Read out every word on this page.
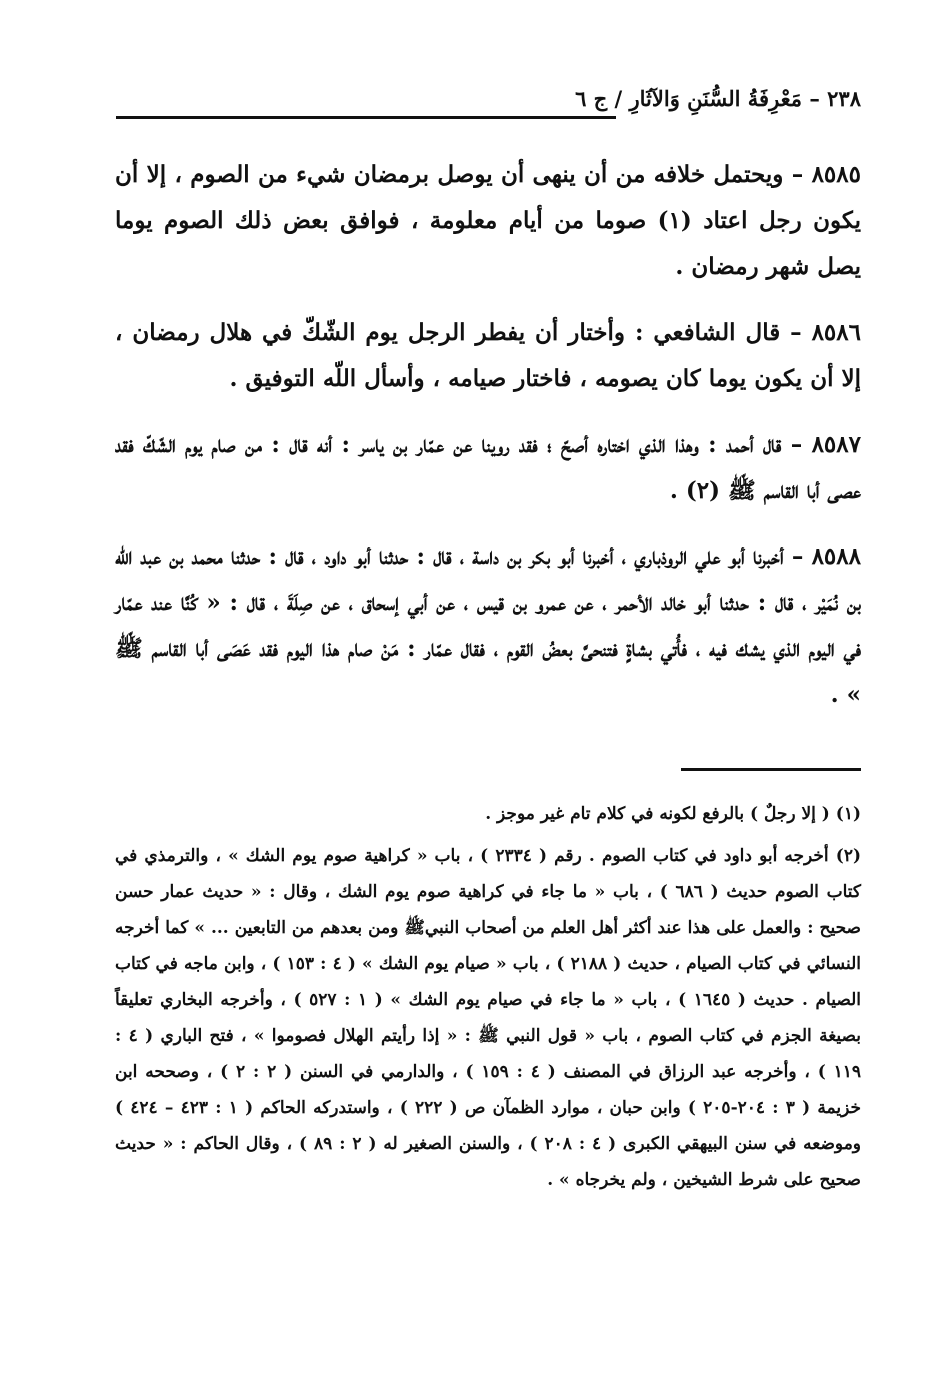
٢٣٨ – مَعْرِفَةُ السُّنَنِ وَالآثَارِ / ج ٦

٨٥٨٥ – ويحتمل خلافه من أن ينهى أن يوصل برمضان شيء من الصوم ، إلا أن يكون رجل اعتاد (١) صوما من أيام معلومة ، فوافق بعض ذلك الصوم يوما يصل شهر رمضان .

٨٥٨٦ – قال الشافعي : وأختار أن يفطر الرجل يوم الشّكّ في هلال رمضان ، إلا أن يكون يوما كان يصومه ، فاختار صيامه ، وأسأل اللّه التوفيق .

٨٥٨٧ – قال أحمد : وهذا الذي اختاره أصحّ ؛ فقد روينا عن عمّار بن ياسر : أنه قال : من صام يوم الشّكّ فقد عصى أبا القاسم ﷺ (٢) .

٨٥٨٨ – أخبرنا أبو علي الروذباري ، أخبرنا أبو بكر بن داسة ، قال : حدثنا أبو داود ، قال : حدثنا محمد بن عبد الله بن نُمَيْر ، قال : حدثنا أبو خالد الأحمر ، عن عمرو بن قيس ، عن أبي إسحاق ، عن صِلَةَ ، قال : « كُنَّا عند عمّار في اليوم الذي يشك فيه ، فأُتي بشاةٍ فتنحىَّ بعضُ القوم ، فقال عمّار : مَنْ صام هذا اليوم فقد عَصَى أبا القاسم ﷺ » .

(١) ( إلا رجلٌ ) بالرفع لكونه في كلام تام غير موجز .

(٢) أخرجه أبو داود في كتاب الصوم . رقم ( ٢٣٣٤ ) ، باب « كراهية صوم يوم الشك » ، والترمذي في كتاب الصوم حديث ( ٦٨٦ ) ، باب « ما جاء في كراهية صوم يوم الشك ، وقال : « حديث عمار حسن صحيح : والعمل على هذا عند أكثر أهل العلم من أصحاب النبيﷺ ومن بعدهم من التابعين ... » كما أخرجه النسائي في كتاب الصيام ، حديث ( ٢١٨٨ ) ، باب « صيام يوم الشك » ( ٤ : ١٥٣ ) ، وابن ماجه في كتاب الصيام . حديث ( ١٦٤٥ ) ، باب « ما جاء في صيام يوم الشك » ( ١ : ٥٢٧ ) ، وأخرجه البخاري تعليقاً بصيغة الجزم في كتاب الصوم ، باب « قول النبي ﷺ : « إذا رأيتم الهلال فصوموا » ، فتح الباري ( ٤ : ١١٩ ) ، وأخرجه عبد الرزاق في المصنف ( ٤ : ١٥٩ ) ، والدارمي في السنن ( ٢ : ٢ ) ، وصححه ابن خزيمة ( ٣ : ٢٠٤-٢٠٥ ) وابن حبان ، موارد الظمآن ص ( ٢٢٢ ) ، واستدركه الحاكم ( ١ : ٤٢٣ – ٤٢٤ ) وموضعه في سنن البيهقي الكبرى ( ٤ : ٢٠٨ ) ، والسنن الصغير له ( ٢ : ٨٩ ) ، وقال الحاكم : « حديث صحيح على شرط الشيخين ، ولم يخرجاه » .
